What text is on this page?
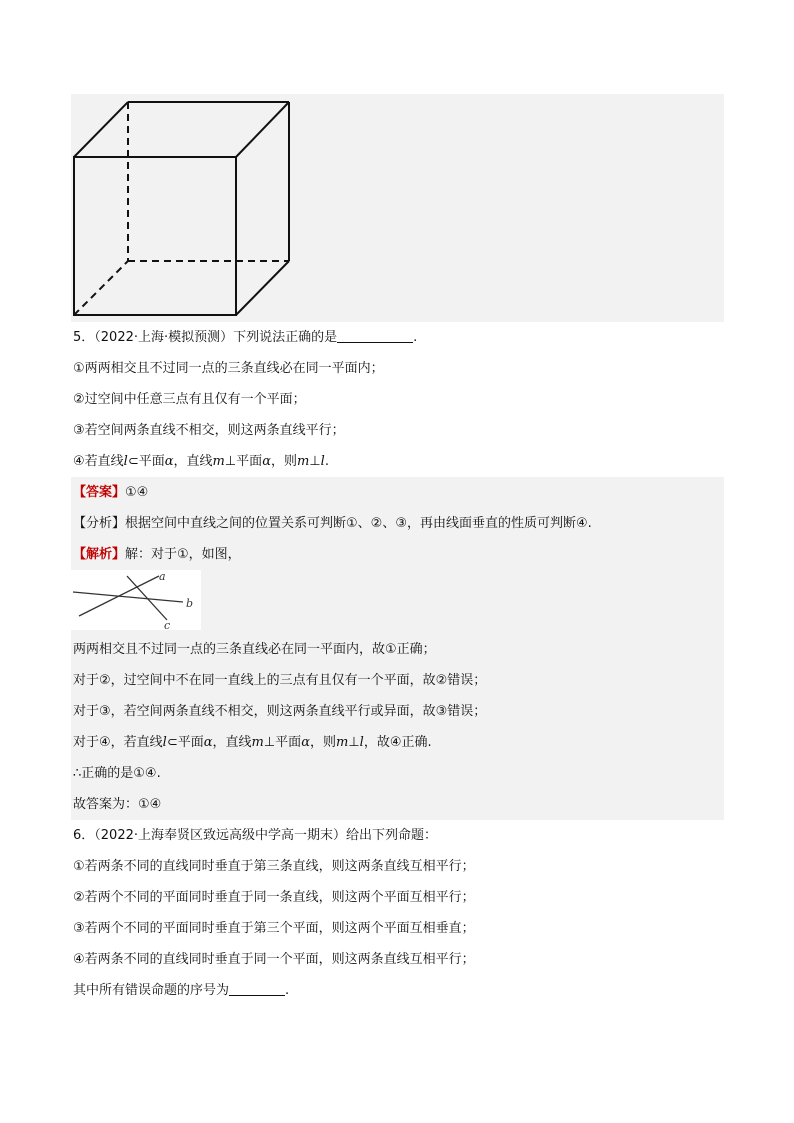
5．（2022·上海·模拟预测）下列说法正确的是	.
①两两相交且不过同一点的三条直线必在同一平面内；
②过空间中任意三点有且仅有一个平面；
③若空间两条直线不相交，则这两条直线平行；
④若直线l⊂平面α，直线m⊥平面α，则m⊥l.
【答案】①④
【分析】根据空间中直线之间的位置关系可判断①、②、③，再由线面垂直的性质可判断④.
【解析】解：对于①，如图，
a
b
c
两两相交且不过同一点的三条直线必在同一平面内，故①正确；
对于②，过空间中不在同一直线上的三点有且仅有一个平面，故②错误；
对于③，若空间两条直线不相交，则这两条直线平行或异面，故③错误；
对于④，若直线l⊂平面α，直线m⊥平面α，则m⊥l，故④正确.
∴正确的是①④.
故答案为：①④
6．（2022·上海奉贤区致远高级中学高一期末）给出下列命题：
①若两条不同的直线同时垂直于第三条直线，则这两条直线互相平行；
②若两个不同的平面同时垂直于同一条直线，则这两个平面互相平行；
③若两个不同的平面同时垂直于第三个平面，则这两个平面互相垂直；
④若两条不同的直线同时垂直于同一个平面，则这两条直线互相平行；
其中所有错误命题的序号为	.
